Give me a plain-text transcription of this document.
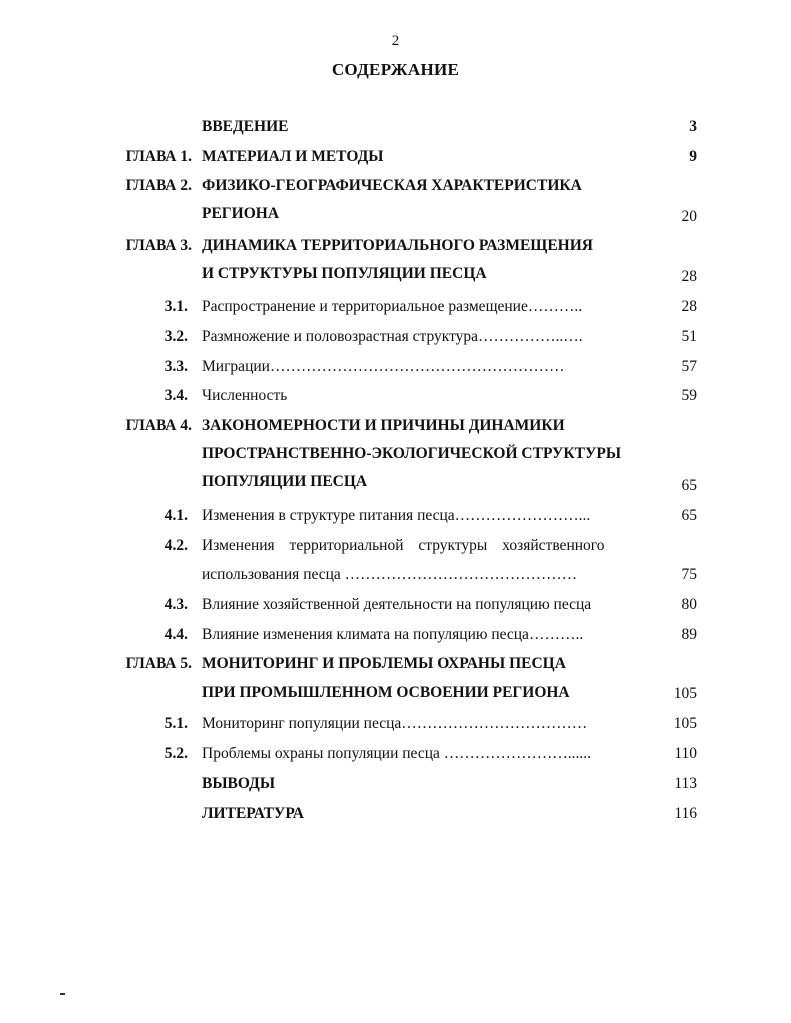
2
СОДЕРЖАНИЕ
ВВЕДЕНИЕ	3
ГЛАВА 1. МАТЕРИАЛ И МЕТОДЫ	9
ГЛАВА 2. ФИЗИКО-ГЕОГРАФИЧЕСКАЯ ХАРАКТЕРИСТИКА
РЕГИОНА	20
ГЛАВА 3. ДИНАМИКА ТЕРРИТОРИАЛЬНОГО РАЗМЕЩЕНИЯ
И СТРУКТУРЫ ПОПУЛЯЦИИ ПЕСЦА	28
3.1. Распространение и территориальное размещение………..	28
3.2. Размножение и половозрастная структура……………..….	51
3.3. Миграции…………………………………………………	57
3.4. Численность	59
ГЛАВА 4. ЗАКОНОМЕРНОСТИ И ПРИЧИНЫ ДИНАМИКИ
ПРОСТРАНСТВЕННО-ЭКОЛОГИЧЕСКОЙ СТРУКТУРЫ
ПОПУЛЯЦИИ ПЕСЦА	65
4.1. Изменения в структуре питания песца……………………...	65
4.2. Изменения территориальной структуры хозяйственного
использования песца ………………………………………	75
4.3. Влияние хозяйственной деятельности на популяцию песца	80
4.4. Влияние изменения климата на популяцию песца………..	89
ГЛАВА 5. МОНИТОРИНГ И ПРОБЛЕМЫ ОХРАНЫ ПЕСЦА
ПРИ ПРОМЫШЛЕННОМ ОСВОЕНИИ РЕГИОНА	105
5.1. Мониторинг популяции песца………………………………	105
5.2. Проблемы охраны популяции песца ……………………......	110
ВЫВОДЫ	113
ЛИТЕРАТУРА	116
